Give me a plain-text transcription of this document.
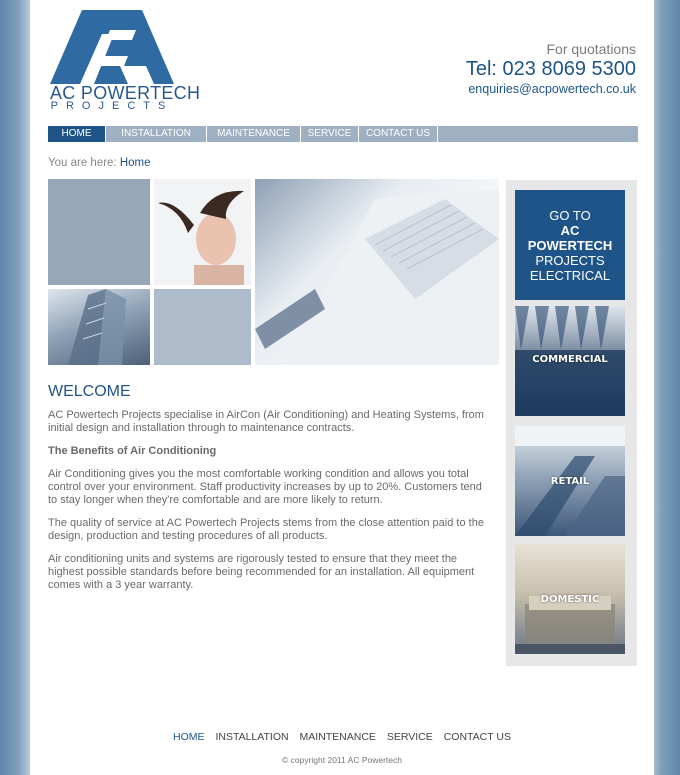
AC POWERTECH
PROJECTS
For quotations
Tel: 023 8069 5300
enquiries@acpowertech.co.uk
HOME	INSTALLATION	MAINTENANCE	SERVICE	CONTACT US
You are here: Home
WELCOME

AC Powertech Projects specialise in AirCon (Air Conditioning) and Heating Systems, from initial design and installation through to maintenance contracts.

The Benefits of Air Conditioning

Air Conditioning gives you the most comfortable working condition and allows you total control over your environment. Staff productivity increases by up to 20%. Customers tend to stay longer when they're comfortable and are more likely to return.

The quality of service at AC Powertech Projects stems from the close attention paid to the design, production and testing procedures of all products.

Air conditioning units and systems are rigorously tested to ensure that they meet the highest possible standards before being recommended for an installation. All equipment comes with a 3 year warranty.

GO TO
AC
POWERTECH
PROJECTS
ELECTRICAL
COMMERCIAL
RETAIL
DOMESTIC
HOME INSTALLATION MAINTENANCE SERVICE CONTACT US
© copyright 2011 AC Powertech
